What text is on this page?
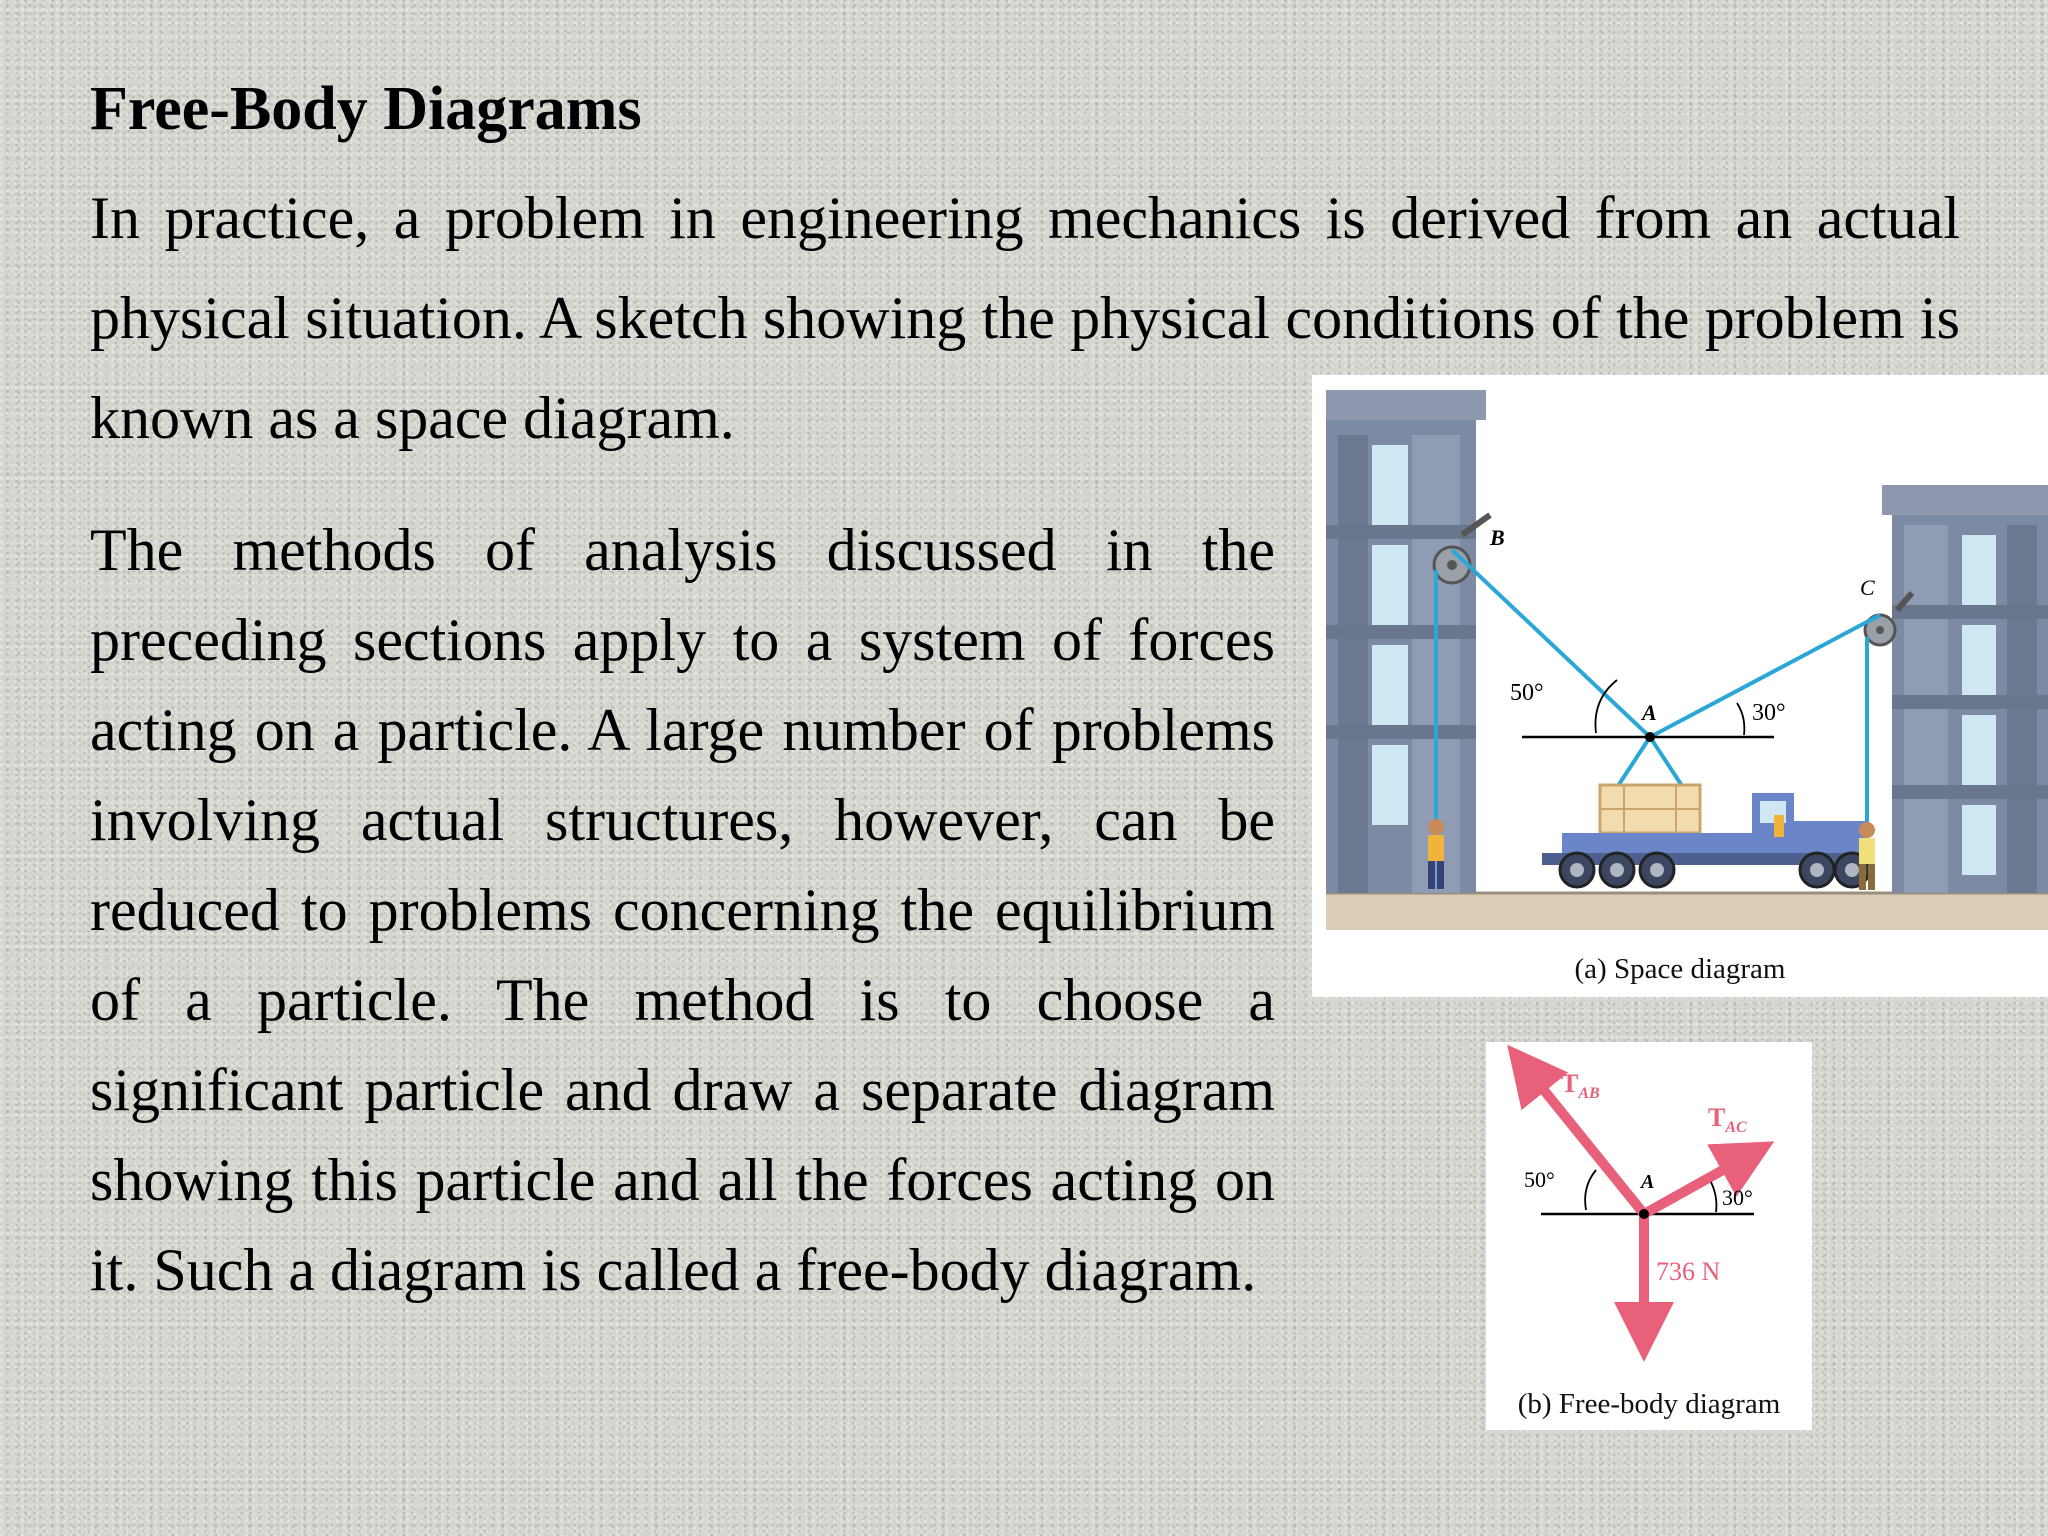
Free-Body Diagrams

In practice, a problem in engineering mechanics is derived from an actual physical situation. A sketch showing the physical conditions of the problem is known as a space diagram.

The methods of analysis discussed in the preceding sections apply to a system of forces acting on a particle. A large number of problems involving actual structures, however, can be reduced to problems concerning the equilibrium of a particle. The method is to choose a significant particle and draw a separate diagram showing this particle and all the forces acting on it. Such a diagram is called a free-body diagram.

B
C
A
50°
30°
(a) Space diagram
$T_{AB}$
$T_{AC}$
A
50°
30°
736 N
(b) Free-body diagram
